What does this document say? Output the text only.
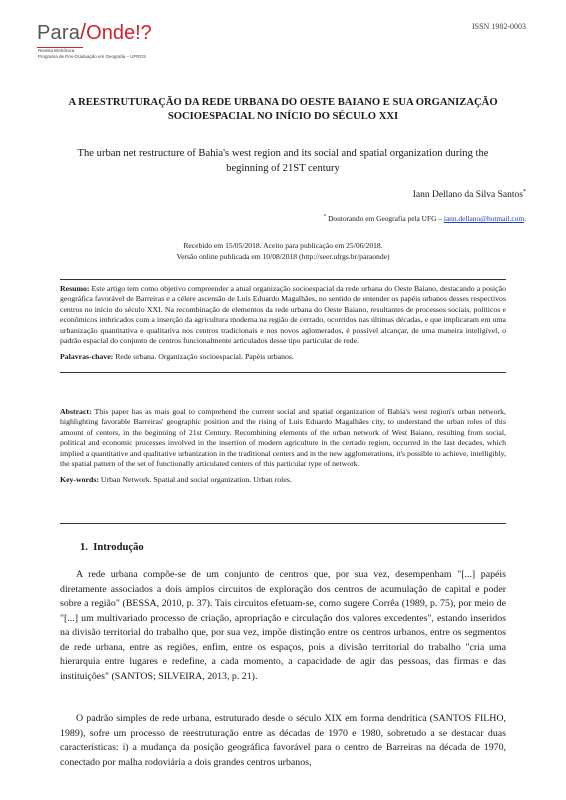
Para/Onde!?
Revista Eletrônica
Programa de Pós-Graduação em Geografia – UFRGS
ISSN 1982-0003
A REESTRUTURAÇÃO DA REDE URBANA DO OESTE BAIANO E SUA ORGANIZAÇÃO SOCIOESPACIAL NO INÍCIO DO SÉCULO XXI
The urban net restructure of Bahia's west region and its social and spatial organization during the beginning of 21ST century
Iann Dellano da Silva Santos*
* Doutorando em Geografia pela UFG – iann.dellano@hotmail.com.
Recebido em 15/05/2018. Aceito para publicação em 25/06/2018.
Versão online publicada em 10/08/2018 (http://seer.ufrgs.br/paraonde)
Resumo: Este artigo tem como objetivo compreender a atual organização socioespacial da rede urbana do Oeste Baiano, destacando a posição geográfica favorável de Barreiras e a célere ascensão de Luís Eduardo Magalhães, no sentido de entender os papéis urbanos desses respectivos centros no início do século XXI. Na recombinação de elementos da rede urbana do Oeste Baiano, resultantes de processos sociais, políticos e econômicos imbricados com a inserção da agricultura moderna na região de cerrado, ocorridos nas últimas décadas, e que implicaram em uma urbanização quantitativa e qualitativa nos centros tradicionais e nos novos aglomerados, é possível alcançar, de uma maneira inteligível, o padrão espacial do conjunto de centros funcionalmente articulados desse tipo particular de rede.
Palavras-chave: Rede urbana. Organização socioespacial. Papéis urbanos.
Abstract: This paper has as mais goal to comprehend the current social and spatial organization of Bahia's west region's urban network, highlighting favorable Barreiras' geographic position and the rising of Luis Eduardo Magalhães city, to understand the urban roles of this amount of centers, in the beginning of 21st Century. Recombining elements of the urban network of West Baiano, resulting from social, political and economic processes involved in the insertion of modern agriculture in the cerrado region, occurred in the last decades, which implied a quantitative and qualitative urbanization in the traditional centers and in the new agglomerations, it's possible to achieve, intelligibly, the spatial pattern of the set of functionally articulated centers of this particular type of network.
Key-words: Urban Network. Spatial and social organization. Urban roles.
1. Introdução
A rede urbana compõe-se de um conjunto de centros que, por sua vez, desempenham "[...] papéis diretamente associados a dois amplos circuitos de exploração dos centros de acumulação de capital e poder sobre a região" (BESSA, 2010, p. 37). Tais circuitos efetuam-se, como sugere Corrêa (1989, p. 75), por meio de "[...] um multivariado processo de criação, apropriação e circulação dos valores excedentes", estando inseridos na divisão territorial do trabalho que, por sua vez, impõe distinção entre os centros urbanos, entre os segmentos de rede urbana, entre as regiões, enfim, entre os espaços, pois a divisão territorial do trabalho "cria uma hierarquia entre lugares e redefine, a cada momento, a capacidade de agir das pessoas, das firmas e das instituições" (SANTOS; SILVEIRA, 2013, p. 21).
O padrão simples de rede urbana, estruturado desde o século XIX em forma dendrítica (SANTOS FILHO, 1989), sofre um processo de reestruturação entre as décadas de 1970 e 1980, sobretudo a se destacar duas características: i) a mudança da posição geográfica favorável para o centro de Barreiras na década de 1970, conectado por malha rodoviária a dois grandes centros urbanos,
